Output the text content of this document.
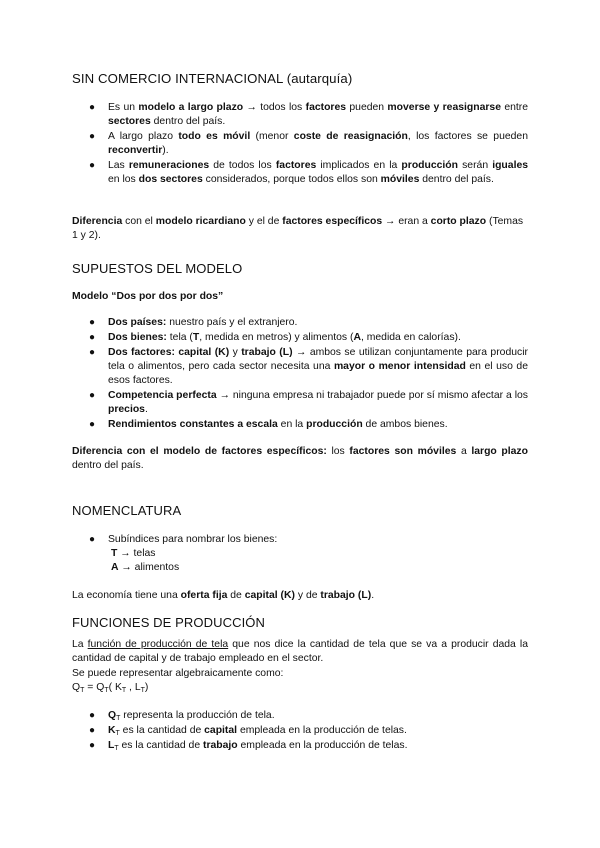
SIN COMERCIO INTERNACIONAL (autarquía)
● Es un modelo a largo plazo → todos los factores pueden moverse y reasignarse entre sectores dentro del país.
● A largo plazo todo es móvil (menor coste de reasignación, los factores se pueden reconvertir).
● Las remuneraciones de todos los factores implicados en la producción serán iguales en los dos sectores considerados, porque todos ellos son móviles dentro del país.

Diferencia con el modelo ricardiano y el de factores específicos → eran a corto plazo (Temas 1 y 2).

SUPUESTOS DEL MODELO

Modelo “Dos por dos por dos”

● Dos países: nuestro país y el extranjero.
● Dos bienes: tela (T, medida en metros) y alimentos (A, medida en calorías).
● Dos factores: capital (K) y trabajo (L) → ambos se utilizan conjuntamente para producir tela o alimentos, pero cada sector necesita una mayor o menor intensidad en el uso de esos factores.
● Competencia perfecta → ninguna empresa ni trabajador puede por sí mismo afectar a los precios.
● Rendimientos constantes a escala en la producción de ambos bienes.

Diferencia con el modelo de factores específicos: los factores son móviles a largo plazo dentro del país.

NOMENCLATURA
● Subíndices para nombrar los bienes:

T → telas

A → alimentos

La economía tiene una oferta fija de capital (K) y de trabajo (L).

FUNCIONES DE PRODUCCIÓN

La función de producción de tela que nos dice la cantidad de tela que se va a producir dada la cantidad de capital y de trabajo empleado en el sector.

Se puede representar algebraicamente como:

$Q_T = Q_T$( $K_T$ , $L_T$)

● $Q_T$ representa la producción de tela.
● $K_T$ es la cantidad de capital empleada en la producción de telas.
● $L_T$ es la cantidad de trabajo empleada en la producción de telas.
